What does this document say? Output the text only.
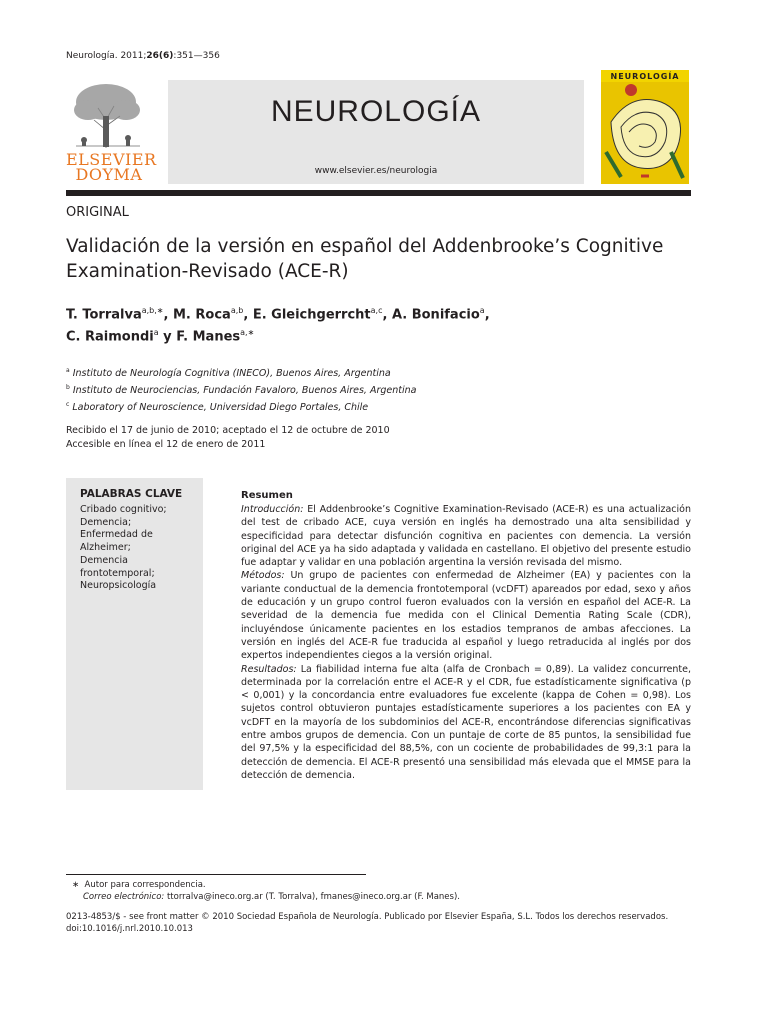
Neurología. 2011;26(6):351—356
ELSEVIER
DOYMA
NEUROLOGÍA
www.elsevier.es/neurologia
NEUROLOGÍA
ORIGINAL
Validación de la versión en español del Addenbrooke’s Cognitive Examination-Revisado (ACE-R)
T. Torralva$^{a,b,∗}$, M. Roca$^{a,b}$, E. Gleichgerrcht$^{a,c}$, A. Bonifacio$^a$,
C. Raimondi$^a$ y F. Manes$^{a,∗}$
$^a$ Instituto de Neurología Cognitiva (INECO), Buenos Aires, Argentina
$^b$ Instituto de Neurociencias, Fundación Favaloro, Buenos Aires, Argentina
$^c$ Laboratory of Neuroscience, Universidad Diego Portales, Chile
Recibido el 17 de junio de 2010; aceptado el 12 de octubre de 2010
Accesible en línea el 12 de enero de 2011
PALABRAS CLAVE
Cribado cognitivo;
Demencia;
Enfermedad de
Alzheimer;
Demencia
frontotemporal;
Neuropsicología
Resumen

Introducción: El Addenbrooke’s Cognitive Examination-Revisado (ACE-R) es una actualización del test de cribado ACE, cuya versión en inglés ha demostrado una alta sensibilidad y especificidad para detectar disfunción cognitiva en pacientes con demencia. La versión original del ACE ya ha sido adaptada y validada en castellano. El objetivo del presente estudio fue adaptar y validar en una población argentina la versión revisada del mismo.

Métodos: Un grupo de pacientes con enfermedad de Alzheimer (EA) y pacientes con la variante conductual de la demencia frontotemporal (vcDFT) apareados por edad, sexo y años de educación y un grupo control fueron evaluados con la versión en español del ACE-R. La severidad de la demencia fue medida con el Clinical Dementia Rating Scale (CDR), incluyéndose únicamente pacientes en los estadios tempranos de ambas afecciones. La versión en inglés del ACE-R fue traducida al español y luego retraducida al inglés por dos expertos independientes ciegos a la versión original.

Resultados: La fiabilidad interna fue alta (alfa de Cronbach = 0,89). La validez concurrente, determinada por la correlación entre el ACE-R y el CDR, fue estadísticamente significativa (p < 0,001) y la concordancia entre evaluadores fue excelente (kappa de Cohen = 0,98). Los sujetos control obtuvieron puntajes estadísticamente superiores a los pacientes con EA y vcDFT en la mayoría de los subdominios del ACE-R, encontrándose diferencias significativas entre ambos grupos de demencia. Con un puntaje de corte de 85 puntos, la sensibilidad fue del 97,5% y la especificidad del 88,5%, con un cociente de probabilidades de 99,3:1 para la detección de demencia. El ACE-R presentó una sensibilidad más elevada que el MMSE para la detección de demencia.

∗ Autor para correspondencia.
Correo electrónico: ttorralva@ineco.org.ar (T. Torralva), fmanes@ineco.org.ar (F. Manes).
0213-4853/$ - see front matter © 2010 Sociedad Española de Neurología. Publicado por Elsevier España, S.L. Todos los derechos reservados.
doi:10.1016/j.nrl.2010.10.013
